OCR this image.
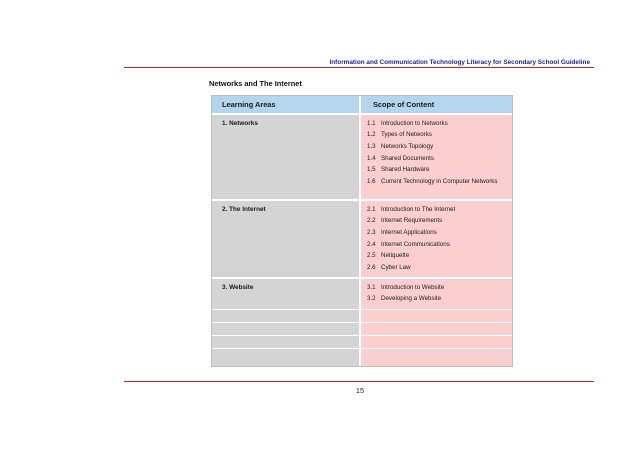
Information and Communication Technology Literacy for Secondary School Guideline
Networks and The Internet
Learning Areas	Scope of Content
1. Networks	1.1 Introduction to Networks
1.2 Types of Networks
1.3 Networks Topology
1.4 Shared Documents
1.5 Shared Hardware
1.6 Current Technology in Computer Networks
2. The Internet	2.1 Introduction to The Internet
2.2 Internet Requirements
2.3 Internet Applications
2.4 Internet Communications
2.5 Netiquette
2.6 Cyber Law
3. Website	3.1 Introduction to Website
3.2 Developing a Website
15
